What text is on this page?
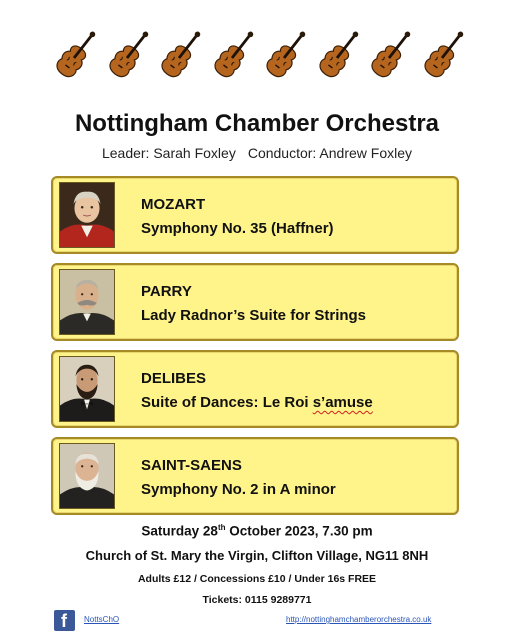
Nottingham Chamber Orchestra
Leader: Sarah Foxley Conductor: Andrew Foxley
MOZART
Symphony No. 35 (Haffner)
PARRY
Lady Radnor’s Suite for Strings
DELIBES
Suite of Dances: Le Roi s’amuse
SAINT-SAENS
Symphony No. 2 in A minor
Saturday 28th October 2023, 7.30 pm
Church of St. Mary the Virgin, Clifton Village, NG11 8NH
Adults £12 / Concessions £10 / Under 16s FREE
Tickets: 0115 9289771
f NottsChO	http://nottinghamchamberorchestra.co.uk
